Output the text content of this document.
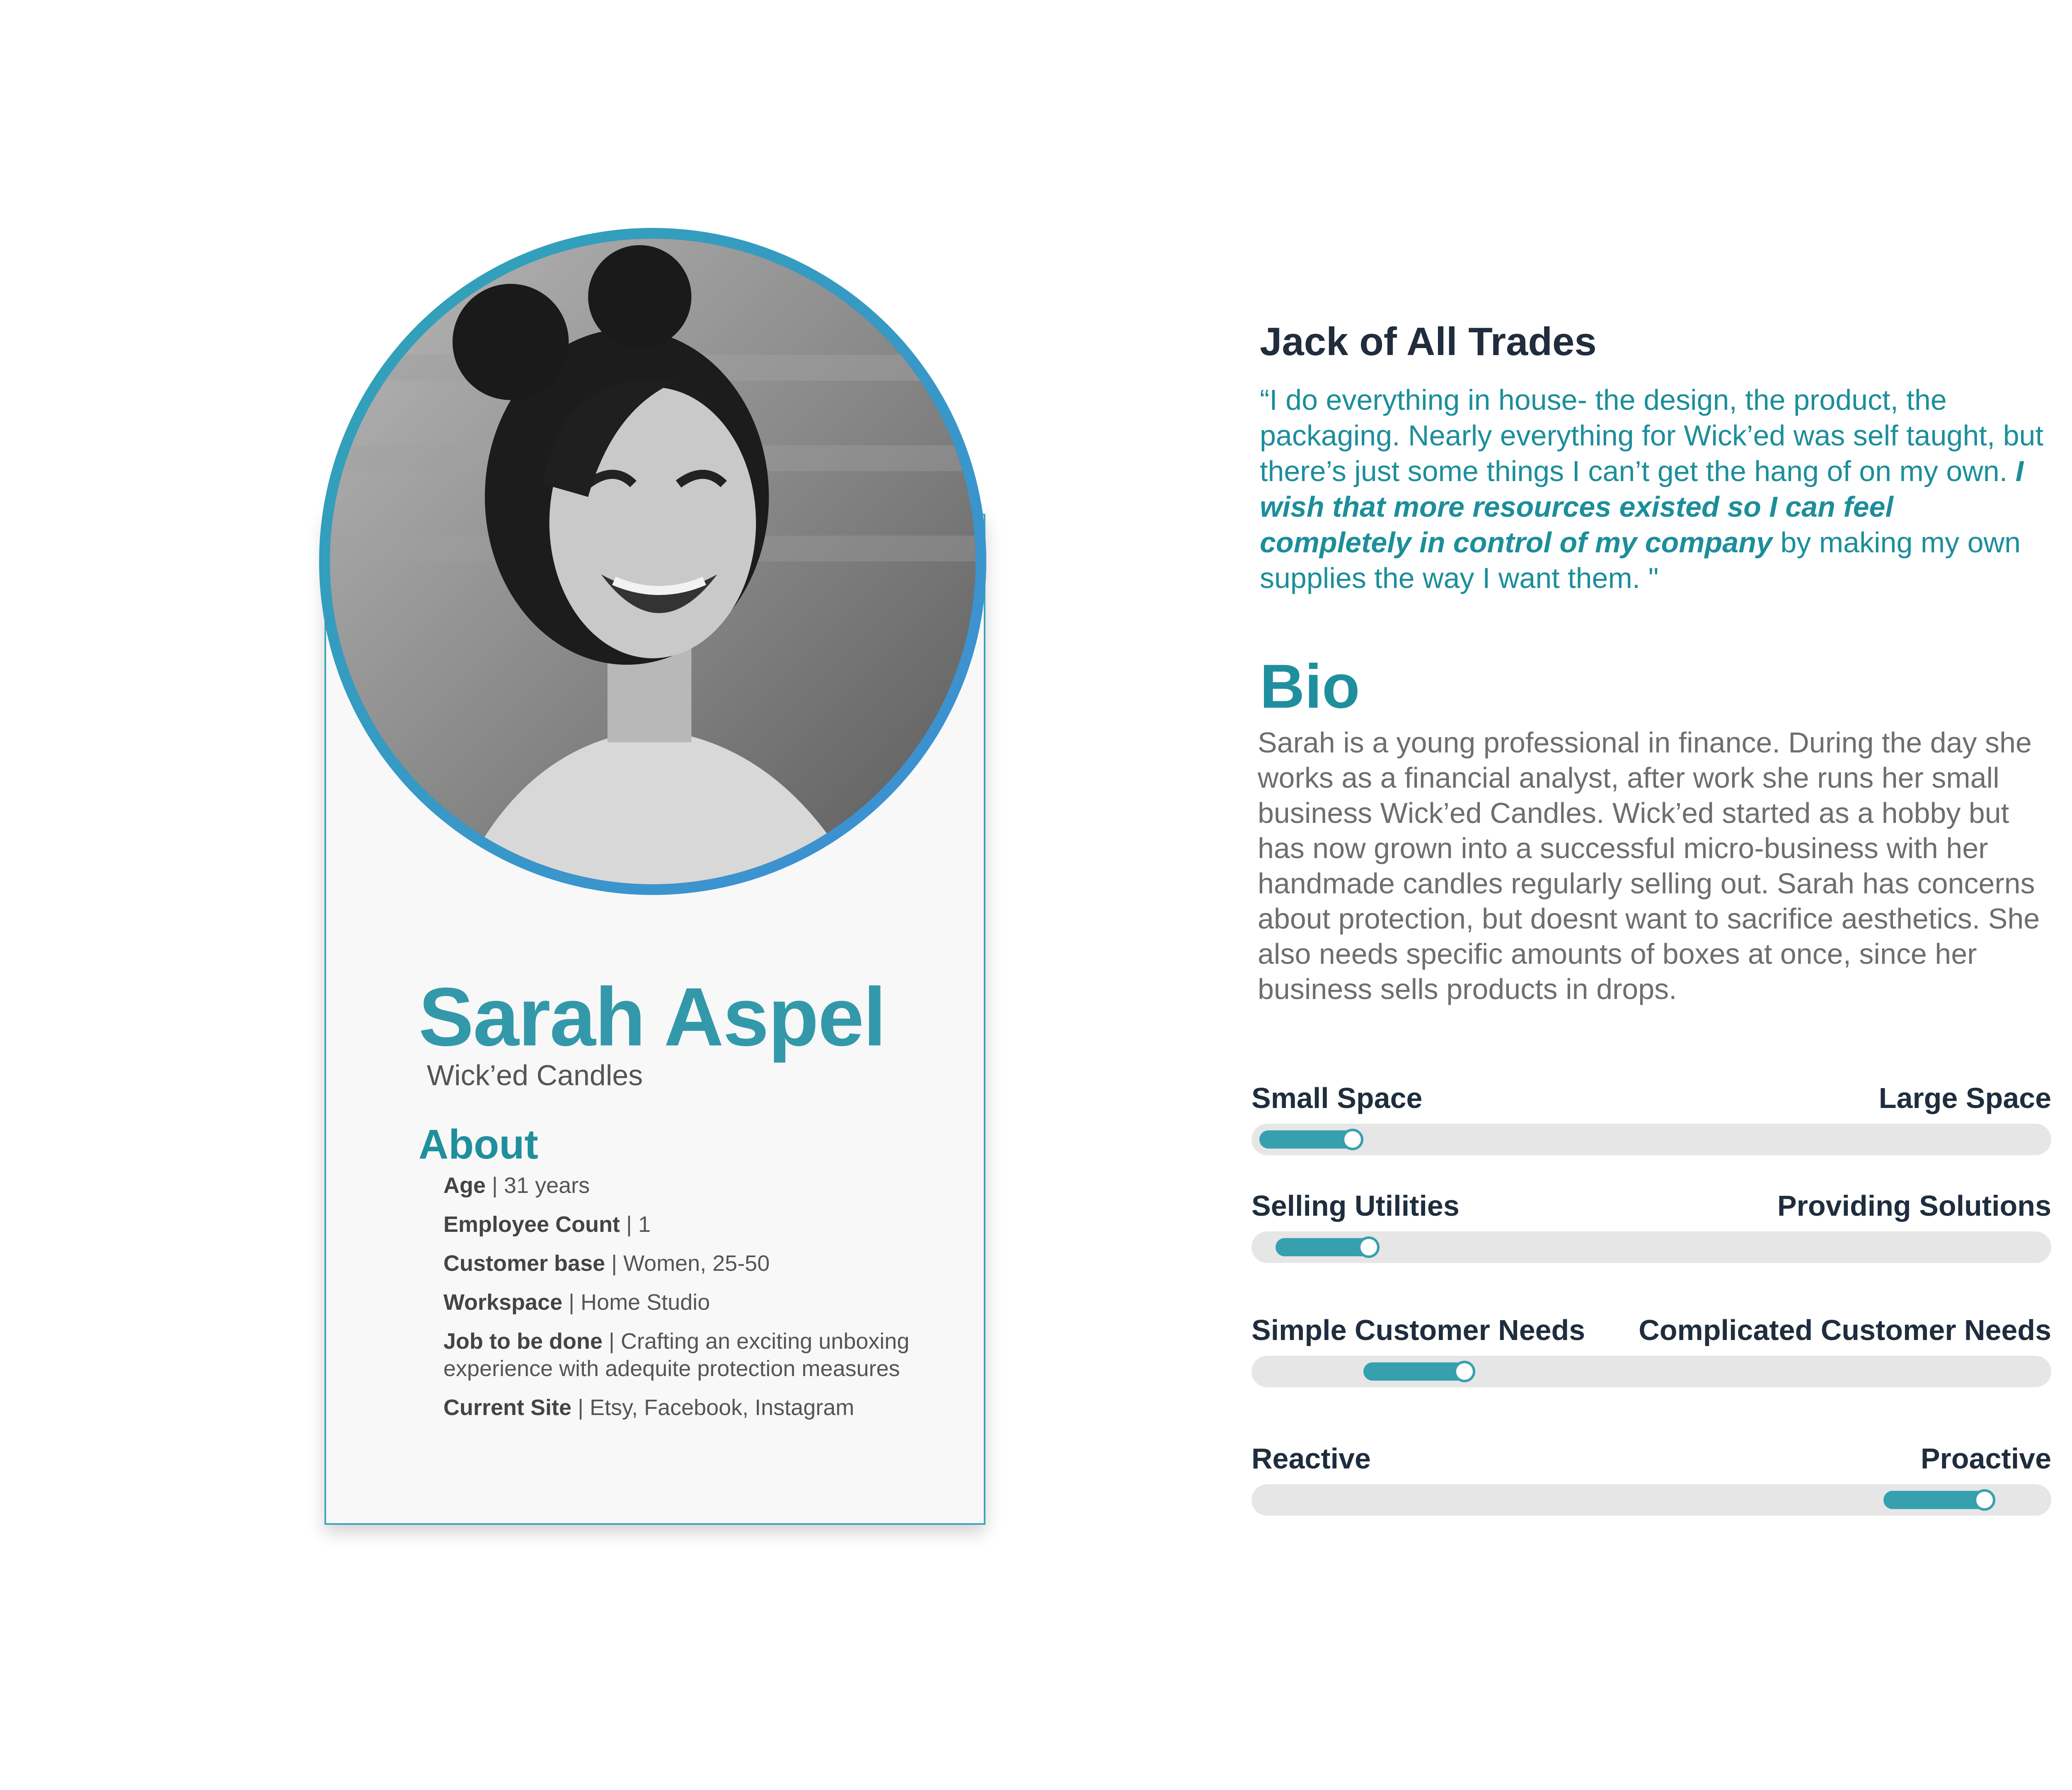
Sarah Aspel
Wick’ed Candles
About
Age | 31 years
Employee Count | 1
Customer base | Women, 25-50
Workspace | Home Studio
Job to be done | Crafting an exciting unboxing experience with adequite protection measures
Current Site | Etsy, Facebook, Instagram
Jack of All Trades
“I do everything in house- the design, the product, the packaging. Nearly everything for Wick’ed was self taught, but there’s just some things I can’t get the hang of on my own. I wish that more resources existed so I can feel completely in control of my company by making my own supplies the way I want them. "
Bio
Sarah is a young professional in finance. During the day she works as a financial analyst, after work she runs her small business Wick’ed Candles. Wick’ed started as a hobby but has now grown into a successful micro-business with her handmade candles regularly selling out. Sarah has concerns about protection, but doesnt want to sacrifice aesthetics. She also needs specific amounts of boxes at once, since her business sells products in drops.
Small Space	Large Space
Selling Utilities	Providing Solutions
Simple Customer Needs Complicated Customer Needs
Reactive	Proactive
